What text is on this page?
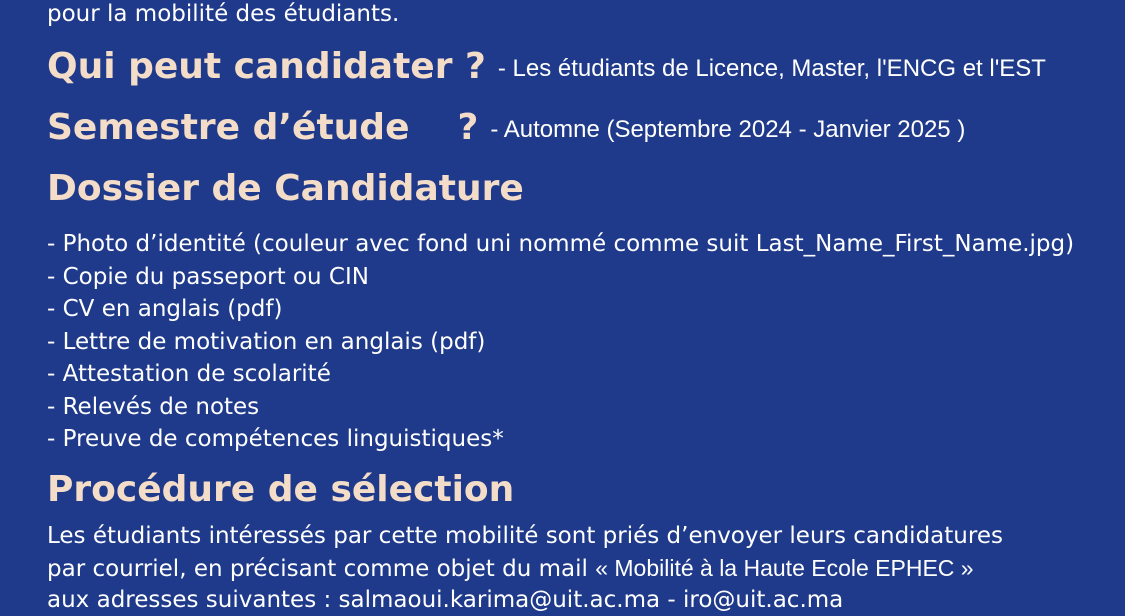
pour la mobilité des étudiants.
Qui peut candidater ? - Les étudiants de Licence, Master, l'ENCG et l'EST
Semestre d’étude ? - Automne (Septembre 2024 - Janvier 2025 )
Dossier de Candidature
- Photo d’identité (couleur avec fond uni nommé comme suit Last_Name_First_Name.jpg)
- Copie du passeport ou CIN
- CV en anglais (pdf)
- Lettre de motivation en anglais (pdf)
- Attestation de scolarité
- Relevés de notes
- Preuve de compétences linguistiques*
Procédure de sélection
Les étudiants intéressés par cette mobilité sont priés d’envoyer leurs candidatures
par courriel, en précisant comme objet du mail « Mobilité à la Haute Ecole EPHEC »
aux adresses suivantes : salmaoui.karima@uit.ac.ma - iro@uit.ac.ma
